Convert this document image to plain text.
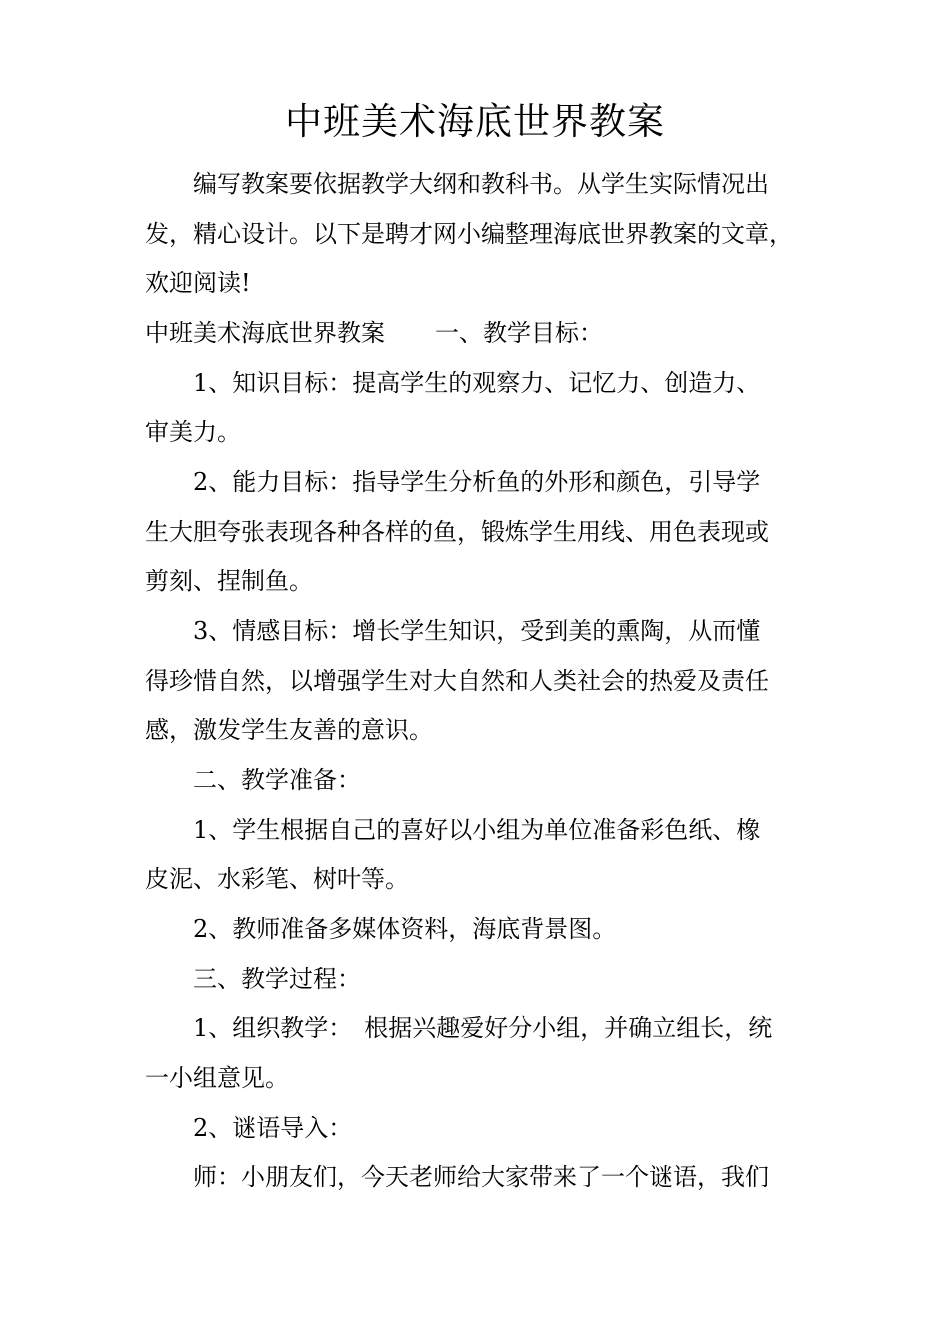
中班美术海底世界教案
编写教案要依据教学大纲和教科书。从学生实际情况出
发，精心设计。以下是聘才网小编整理海底世界教案的文章，
欢迎阅读!
中班美术海底世界教案 一、教学目标：
1、知识目标：提高学生的观察力、记忆力、创造力、
审美力。
2、能力目标：指导学生分析鱼的外形和颜色，引导学
生大胆夸张表现各种各样的鱼，锻炼学生用线、用色表现或
剪刻、捏制鱼。
3、情感目标：增长学生知识，受到美的熏陶，从而懂
得珍惜自然，以增强学生对大自然和人类社会的热爱及责任
感，激发学生友善的意识。
二、教学准备：
1、学生根据自己的喜好以小组为单位准备彩色纸、橡
皮泥、水彩笔、树叶等。
2、教师准备多媒体资料，海底背景图。
三、教学过程：
1、组织教学： 根据兴趣爱好分小组，并确立组长，统
一小组意见。
2、谜语导入：
师：小朋友们，今天老师给大家带来了一个谜语，我们
